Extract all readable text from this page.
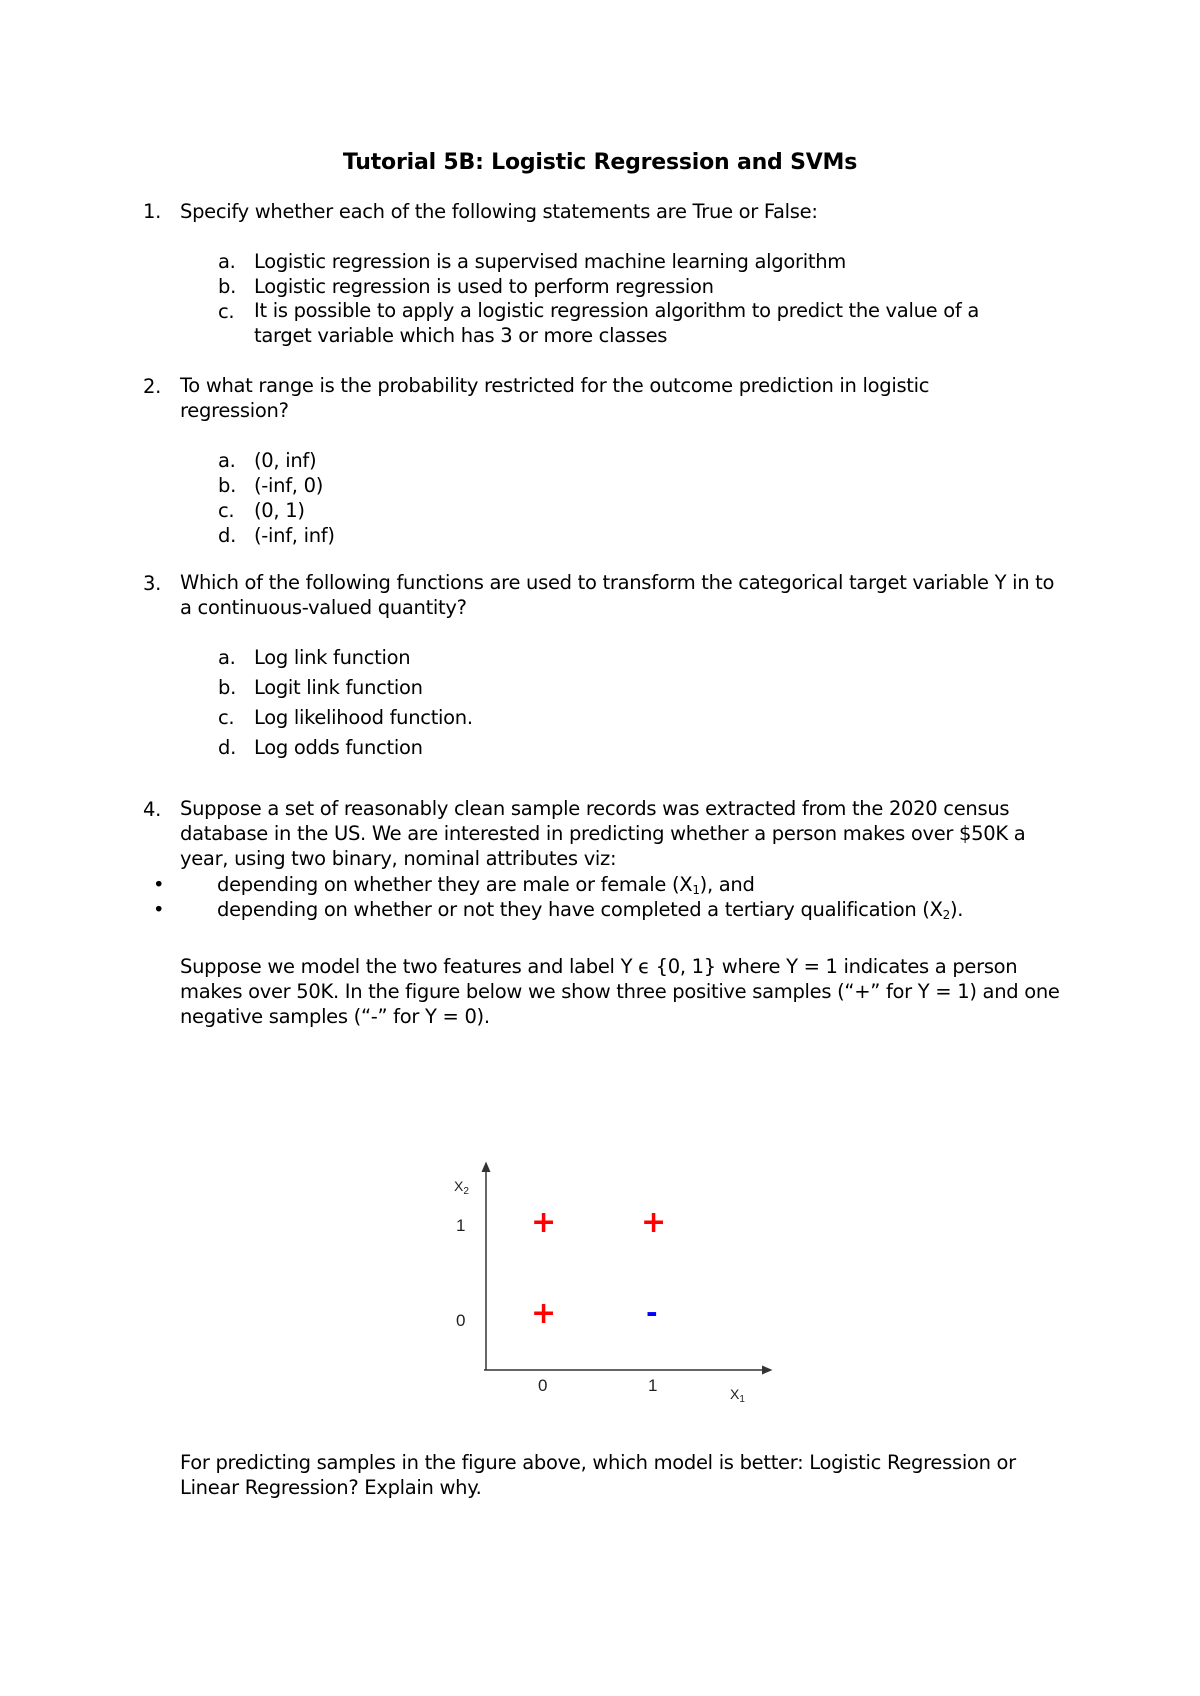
Tutorial 5B: Logistic Regression and SVMs
1. Specify whether each of the following statements are True or False:
a. Logistic regression is a supervised machine learning algorithm
b. Logistic regression is used to perform regression
c. It is possible to apply a logistic regression algorithm to predict the value of a target variable which has 3 or more classes
2. To what range is the probability restricted for the outcome prediction in logistic regression?
a. (0, inf)
b. (-inf, 0)
c. (0, 1)
d. (-inf, inf)
3. Which of the following functions are used to transform the categorical target variable Y in to a continuous-valued quantity?
a. Log link function
b. Logit link function
c. Log likelihood function.
d. Log odds function
4. Suppose a set of reasonably clean sample records was extracted from the 2020 census database in the US. We are interested in predicting whether a person makes over $50K a year, using two binary, nominal attributes viz:
•	depending on whether they are male or female $(X_1)$, and
•	depending on whether or not they have completed a tertiary qualification $(X_2)$.
Suppose we model the two features and label Y ϵ {0, 1} where Y = 1 indicates a person makes over 50K. In the figure below we show three positive samples (“+” for Y = 1) and one negative samples (“-” for Y = 0).
$X_2$
1
0
0	1	$X_1$
+	+
+	-
For predicting samples in the figure above, which model is better: Logistic Regression or Linear Regression? Explain why.
